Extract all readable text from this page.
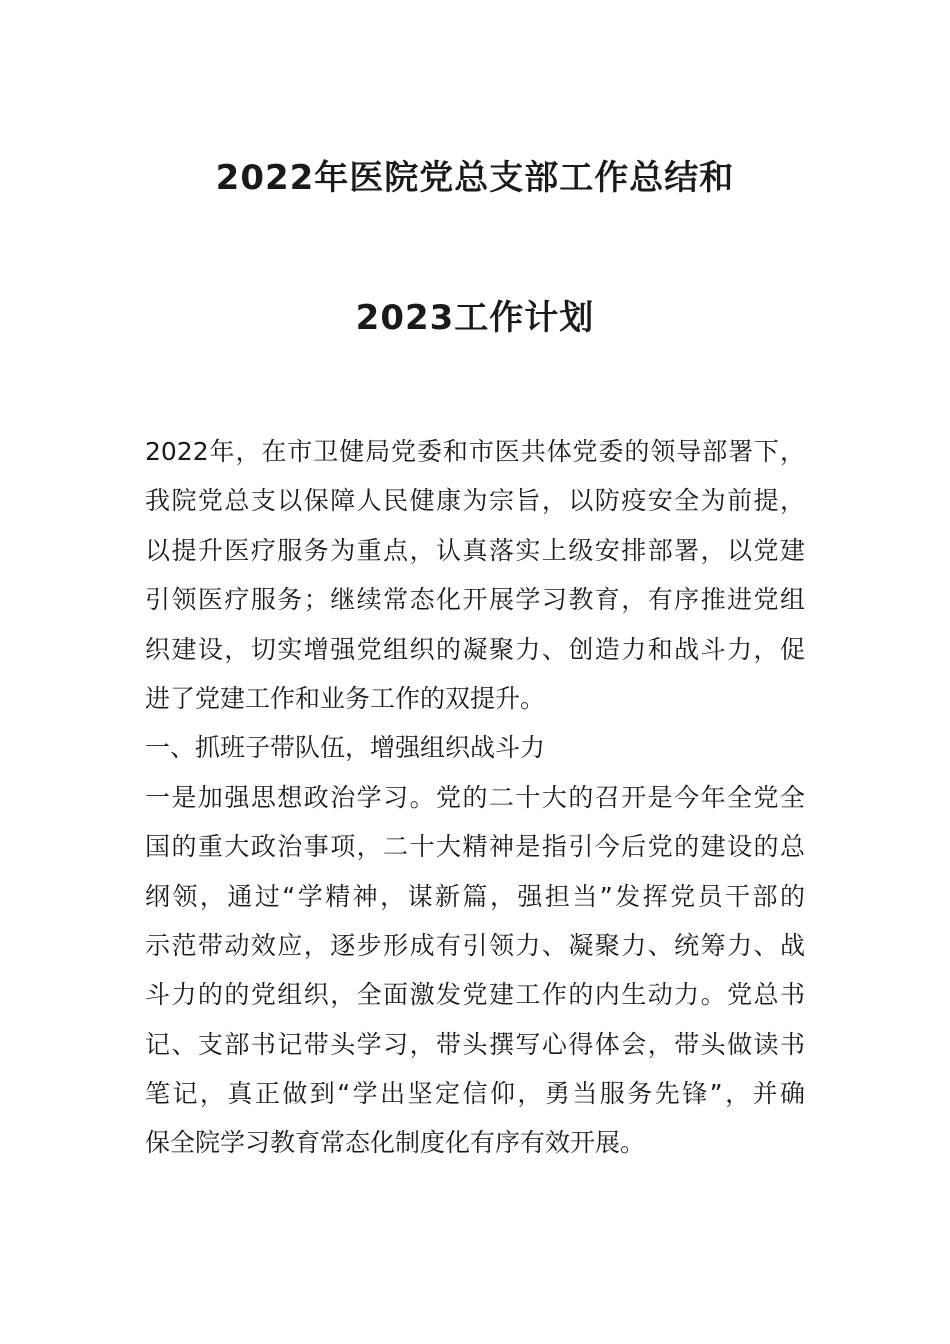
2022年医院党总支部工作总结和
2023工作计划
2022年，在市卫健局党委和市医共体党委的领导部署下，
我院党总支以保障人民健康为宗旨，以防疫安全为前提，
以提升医疗服务为重点，认真落实上级安排部署，以党建
引领医疗服务；继续常态化开展学习教育，有序推进党组
织建设，切实增强党组织的凝聚力、创造力和战斗力，促
进了党建工作和业务工作的双提升。
一、抓班子带队伍，增强组织战斗力
一是加强思想政治学习。党的二十大的召开是今年全党全
国的重大政治事项，二十大精神是指引今后党的建设的总
纲领，通过“学精神，谋新篇，强担当”发挥党员干部的
示范带动效应，逐步形成有引领力、凝聚力、统筹力、战
斗力的的党组织，全面激发党建工作的内生动力。党总书
记、支部书记带头学习，带头撰写心得体会，带头做读书
笔记，真正做到“学出坚定信仰，勇当服务先锋”，并确
保全院学习教育常态化制度化有序有效开展。
